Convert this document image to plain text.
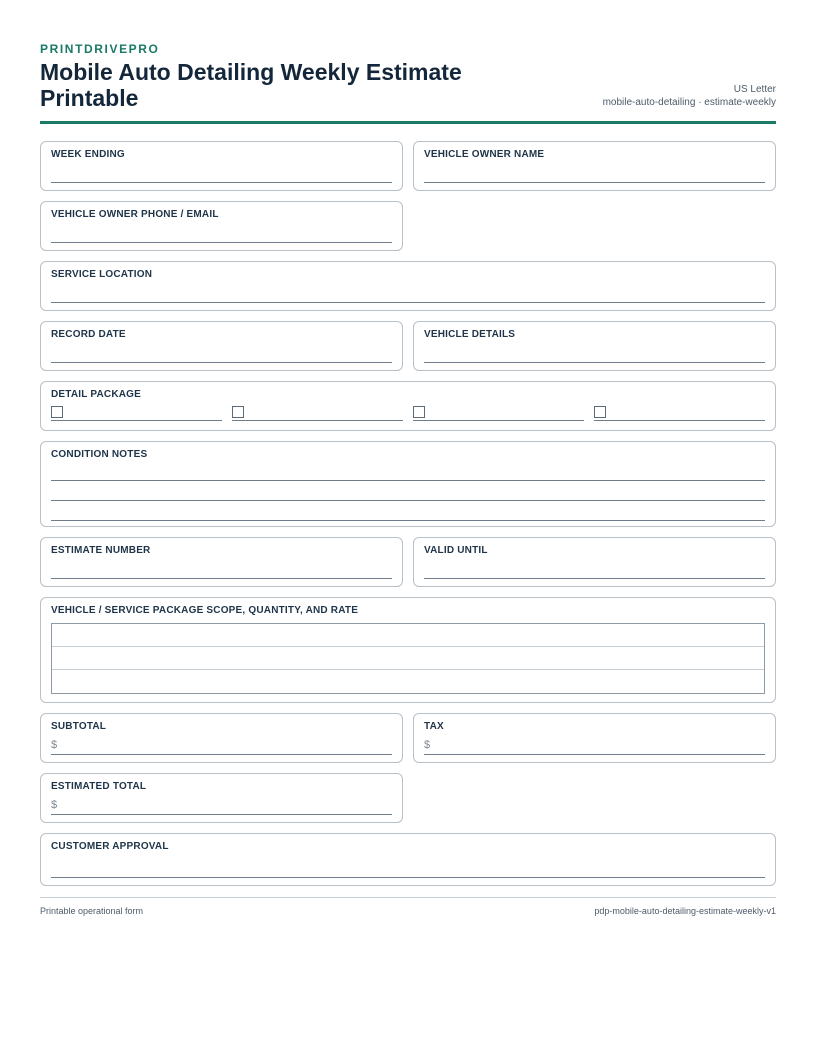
PRINTDRIVEPRO
Mobile Auto Detailing Weekly Estimate Printable	US Letter
mobile-auto-detailing · estimate-weekly
WEEK ENDING	VEHICLE OWNER NAME
VEHICLE OWNER PHONE / EMAIL
SERVICE LOCATION
RECORD DATE	VEHICLE DETAILS
DETAIL PACKAGE
CONDITION NOTES
ESTIMATE NUMBER	VALID UNTIL
VEHICLE / SERVICE PACKAGE SCOPE, QUANTITY, AND RATE
SUBTOTAL
$
TAX
$
ESTIMATED TOTAL
$
CUSTOMER APPROVAL
Printable operational form	pdp-mobile-auto-detailing-estimate-weekly-v1
